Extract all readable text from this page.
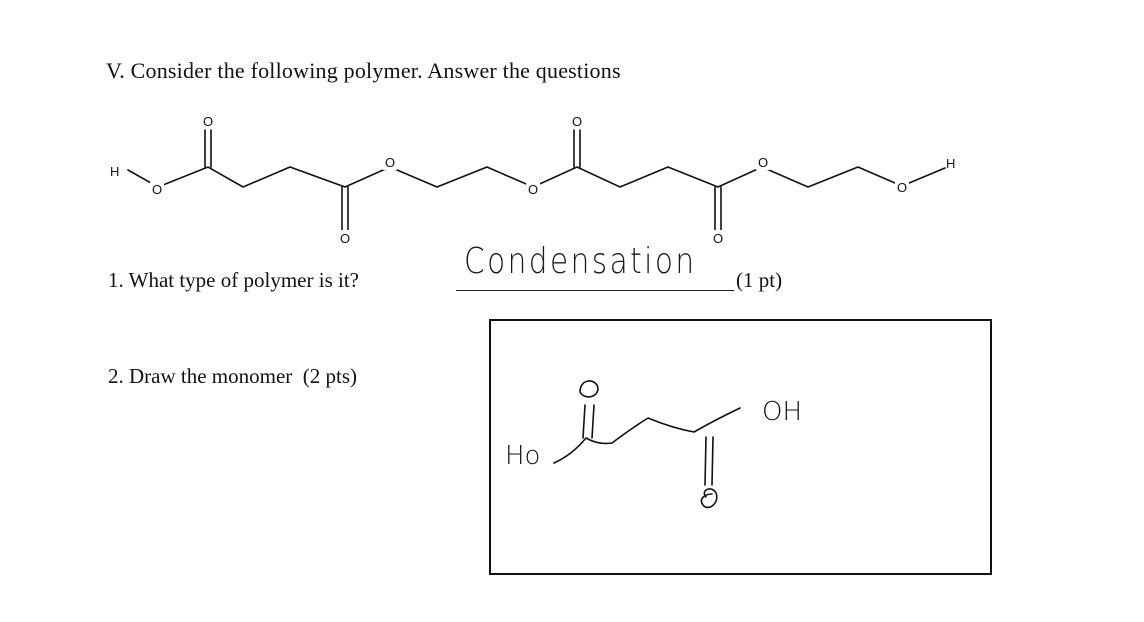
V. Consider the following polymer. Answer the questions
H
O
O
O
O
O
H
O	O
O	O
1. What type of polymer is it?	Condensation (1 pt)
2. Draw the monomer (2 pts)
Ho
OH
